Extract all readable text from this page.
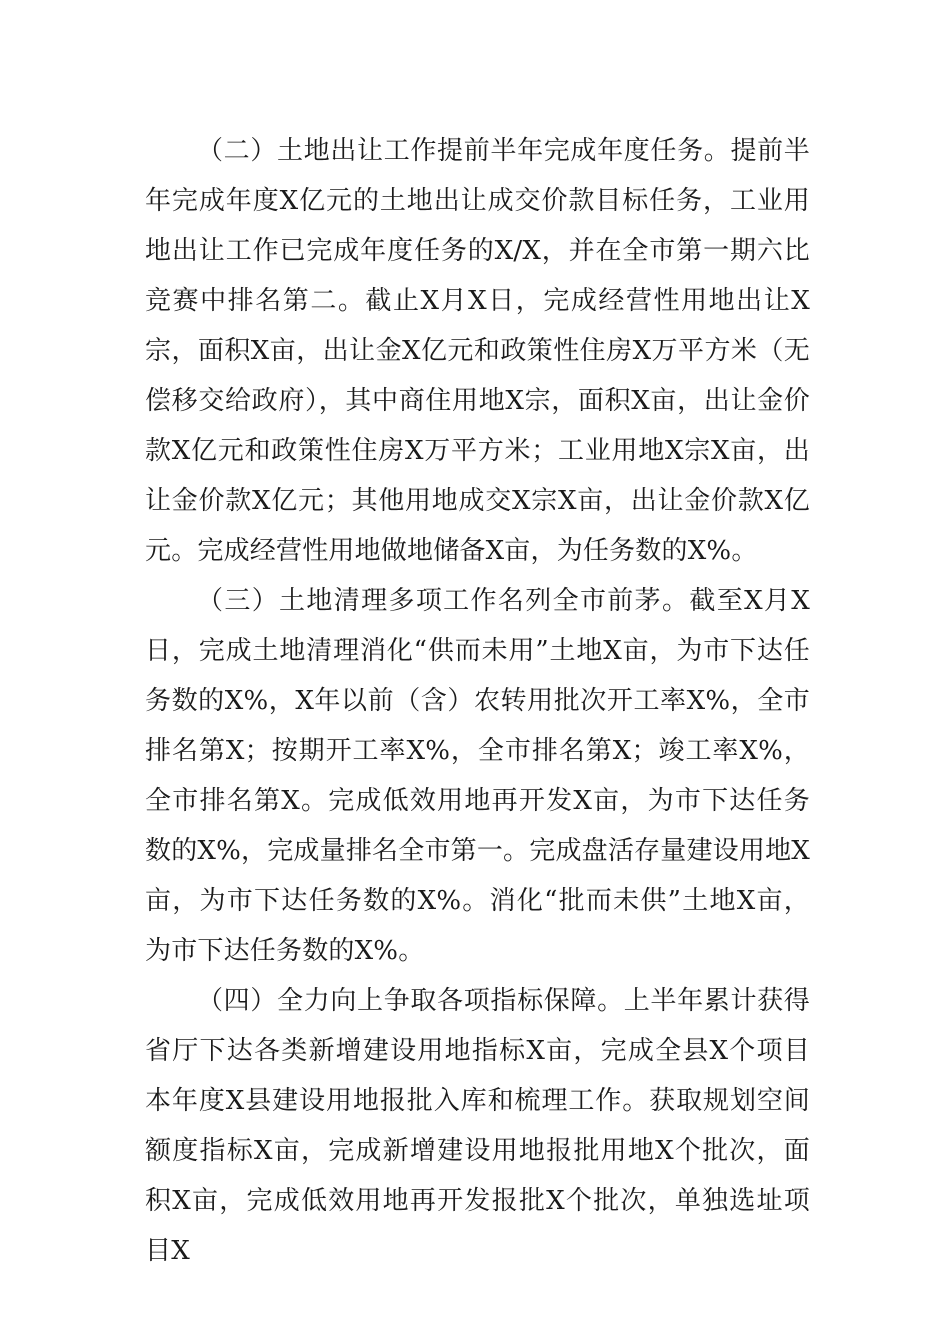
（二）土地出让工作提前半年完成年度任务。提前半年完成年度X亿元的土地出让成交价款目标任务，工业用地出让工作已完成年度任务的X/X，并在全市第一期六比竞赛中排名第二。截止X月X日，完成经营性用地出让X宗，面积X亩，出让金X亿元和政策性住房X万平方米（无偿移交给政府），其中商住用地X宗，面积X亩，出让金价款X亿元和政策性住房X万平方米；工业用地X宗X亩，出让金价款X亿元；其他用地成交X宗X亩，出让金价款X亿元。完成经营性用地做地储备X亩，为任务数的X%。

（三）土地清理多项工作名列全市前茅。截至X月X日，完成土地清理消化“供而未用”土地X亩，为市下达任务数的X%，X年以前（含）农转用批次开工率X%，全市排名第X；按期开工率X%，全市排名第X；竣工率X%，全市排名第X。完成低效用地再开发X亩，为市下达任务数的X%，完成量排名全市第一。完成盘活存量建设用地X亩，为市下达任务数的X%。消化“批而未供”土地X亩，为市下达任务数的X%。

（四）全力向上争取各项指标保障。上半年累计获得省厅下达各类新增建设用地指标X亩，完成全县X个项目本年度X县建设用地报批入库和梳理工作。获取规划空间额度指标X亩，完成新增建设用地报批用地X个批次，面积X亩，完成低效用地再开发报批X个批次，单独选址项目X
